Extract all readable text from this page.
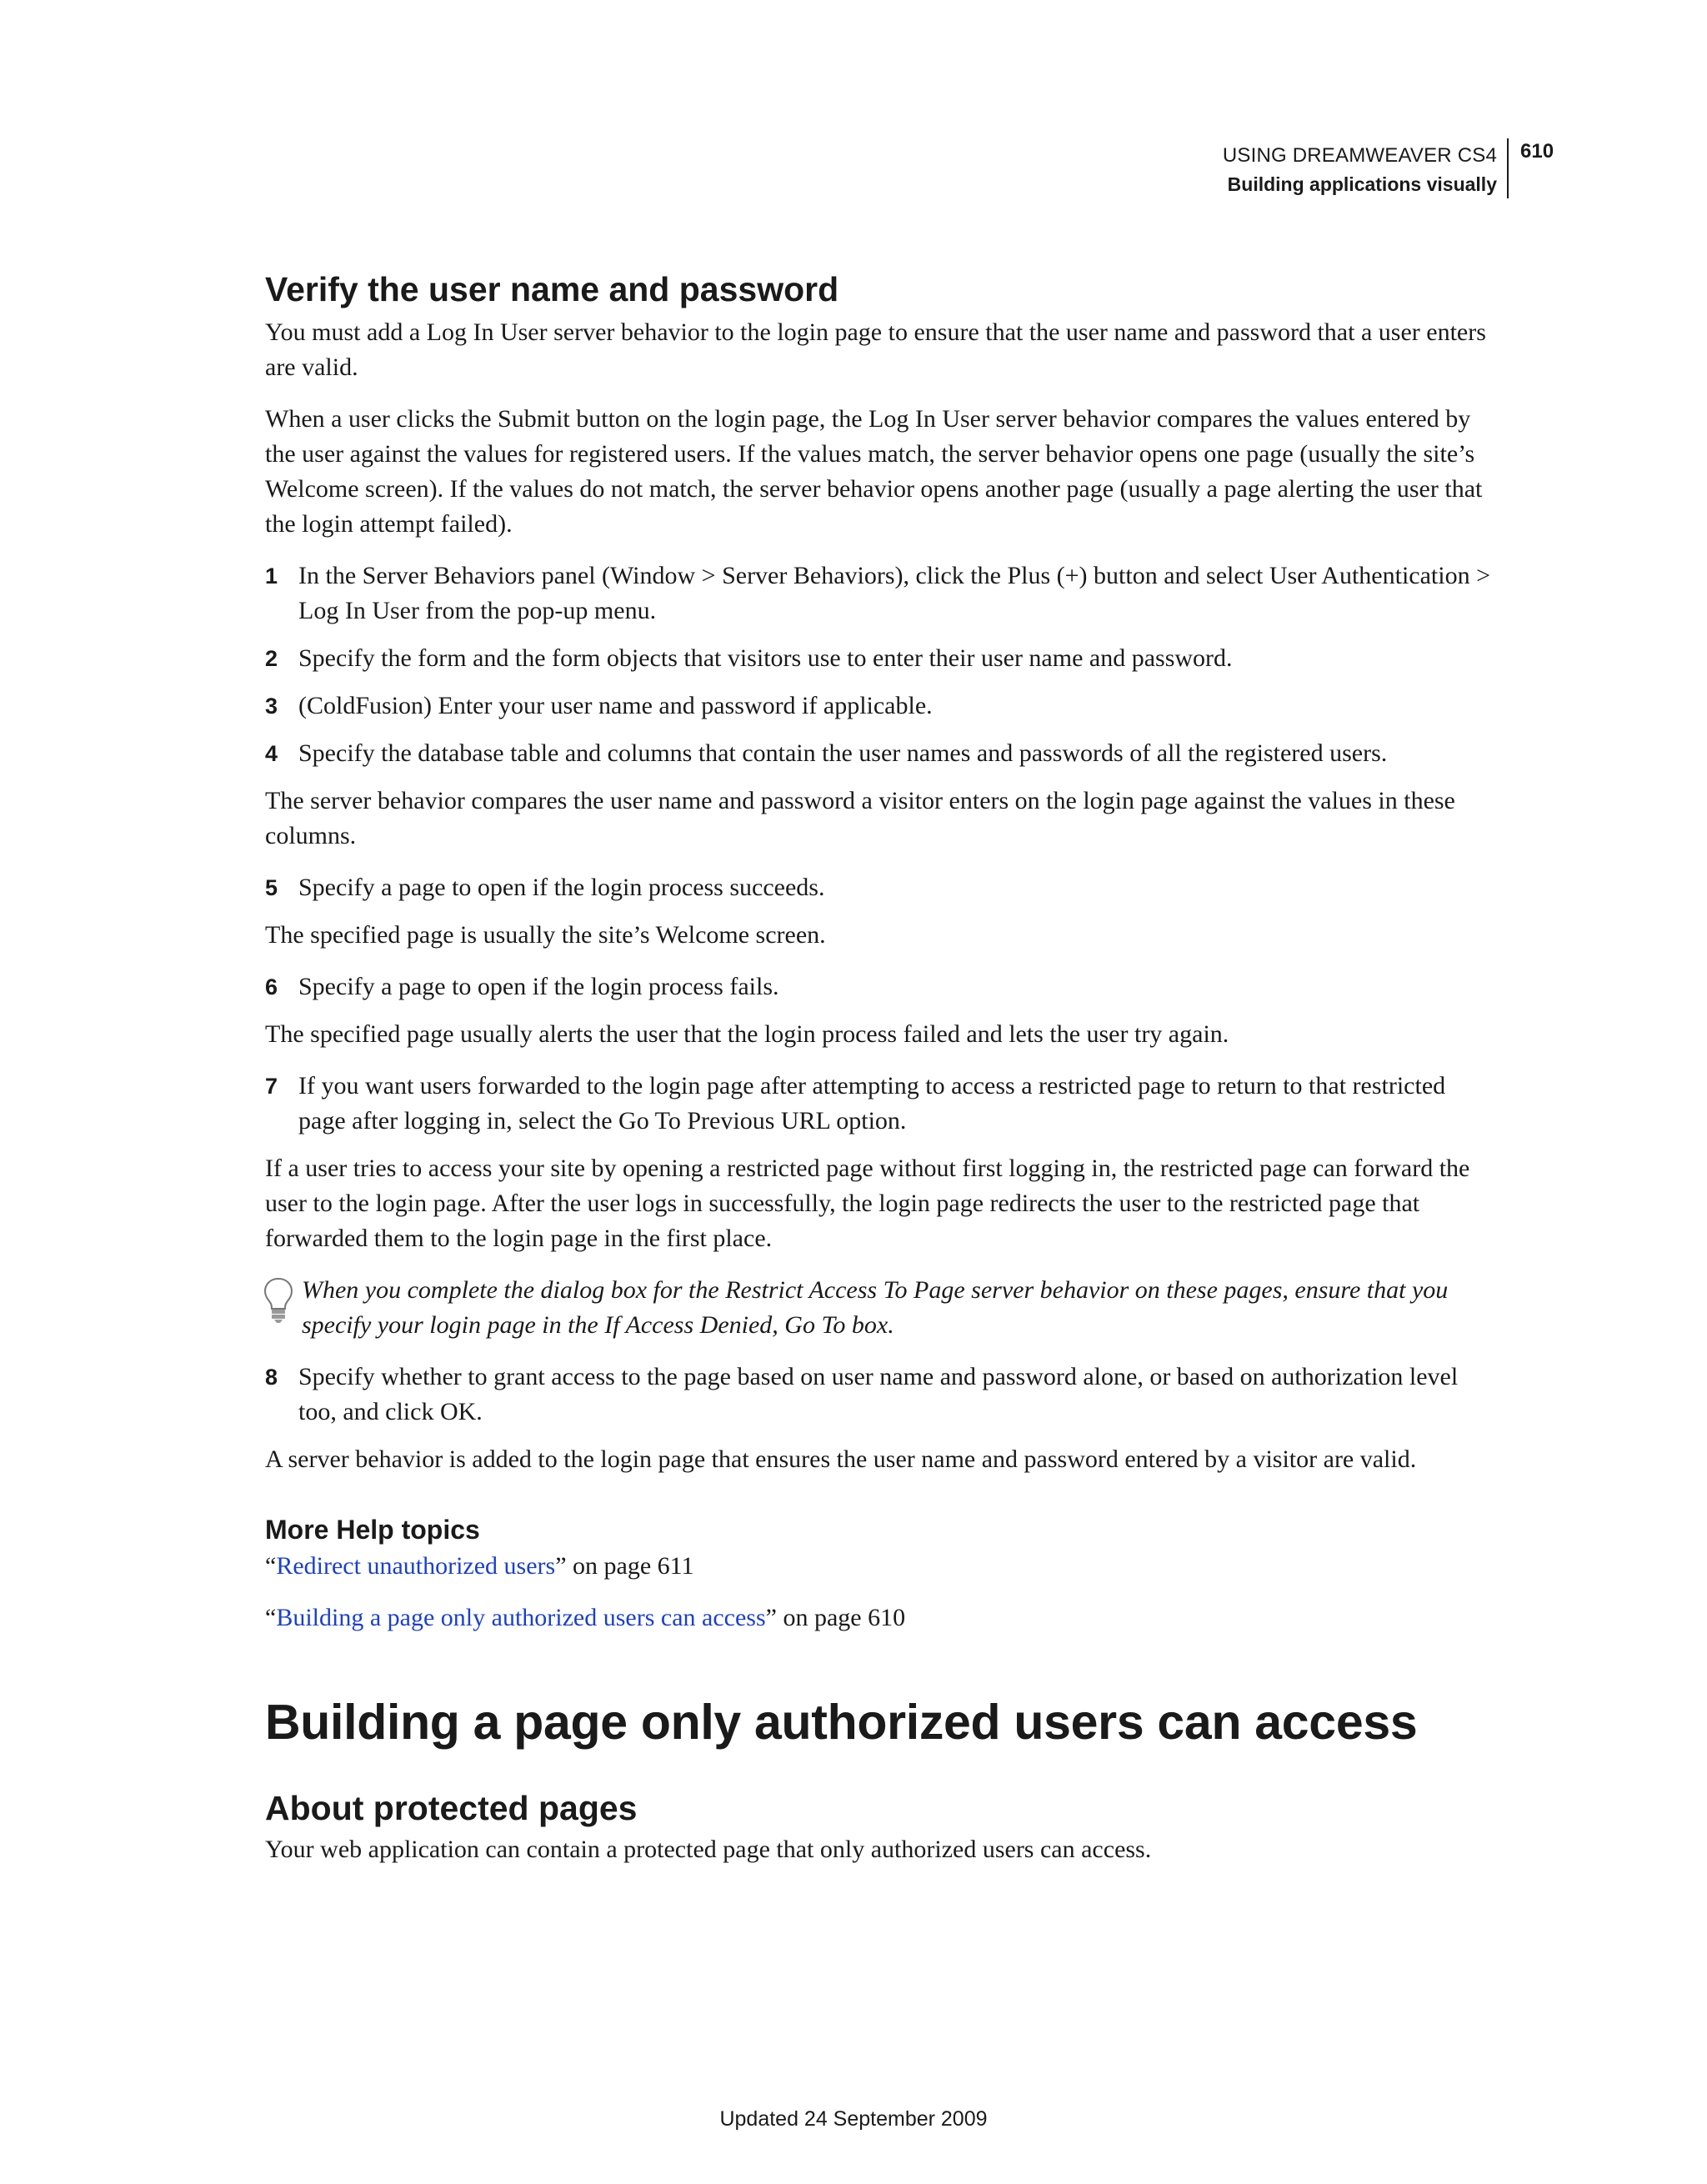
USING DREAMWEAVER CS4
Building applications visually
610
Verify the user name and password

You must add a Log In User server behavior to the login page to ensure that the user name and password that a user enters are valid.

When a user clicks the Submit button on the login page, the Log In User server behavior compares the values entered by the user against the values for registered users. If the values match, the server behavior opens one page (usually the site’s Welcome screen). If the values do not match, the server behavior opens another page (usually a page alerting the user that the login attempt failed).

1 In the Server Behaviors panel (Window > Server Behaviors), click the Plus (+) button and select User Authentication > Log In User from the pop-up menu.
2 Specify the form and the form objects that visitors use to enter their user name and password.
3 (ColdFusion) Enter your user name and password if applicable.
4 Specify the database table and columns that contain the user names and passwords of all the registered users.

The server behavior compares the user name and password a visitor enters on the login page against the values in these columns.

5 Specify a page to open if the login process succeeds.

The specified page is usually the site’s Welcome screen.

6 Specify a page to open if the login process fails.

The specified page usually alerts the user that the login process failed and lets the user try again.

7 If you want users forwarded to the login page after attempting to access a restricted page to return to that restricted page after logging in, select the Go To Previous URL option.

If a user tries to access your site by opening a restricted page without first logging in, the restricted page can forward the user to the login page. After the user logs in successfully, the login page redirects the user to the restricted page that forwarded them to the login page in the first place.

When you complete the dialog box for the Restrict Access To Page server behavior on these pages, ensure that you specify your login page in the If Access Denied, Go To box.
8 Specify whether to grant access to the page based on user name and password alone, or based on authorization level too, and click OK.

A server behavior is added to the login page that ensures the user name and password entered by a visitor are valid.

More Help topics

“Redirect unauthorized users” on page 611

“Building a page only authorized users can access” on page 610

Building a page only authorized users can access
About protected pages

Your web application can contain a protected page that only authorized users can access.

Updated 24 September 2009
